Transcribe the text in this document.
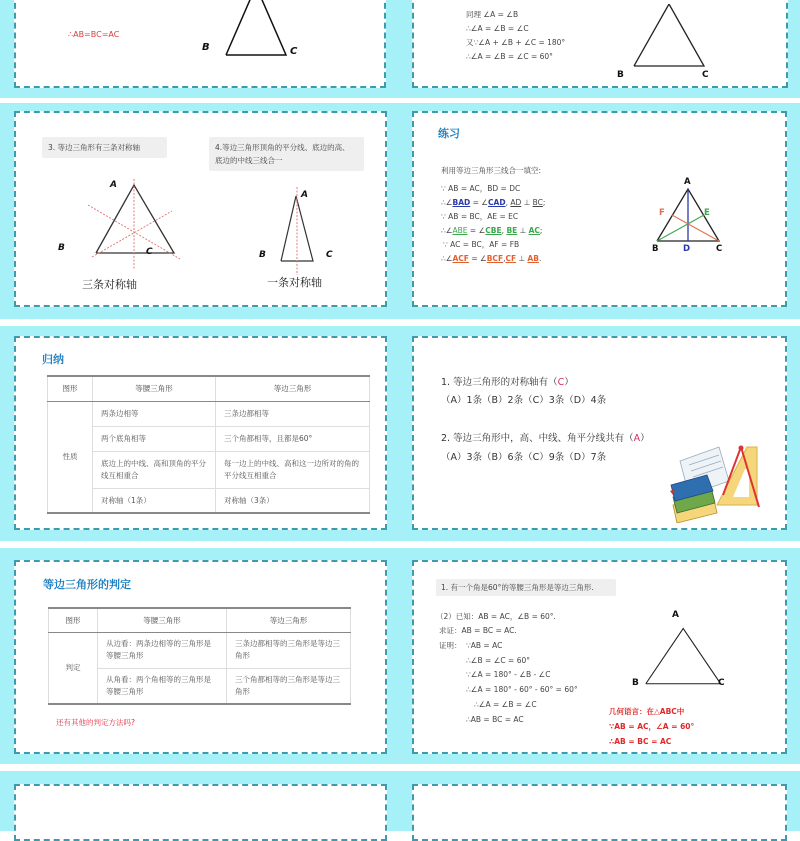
∴AB=BC=AC
B	C
同理 ∠A = ∠B
∴∠A = ∠B = ∠C
又∵∠A + ∠B + ∠C = 180°
∴∠A = ∠B = ∠C = 60°
B	C
3. 等边三角形有三条对称轴	4.等边三角形顶角的平分线、底边的高、
底边的中线三线合一
A
B	C
三条对称轴
A
B	C
一条对称轴
练习
利用等边三角形三线合一填空:
∵ AB = AC，BD = DC
∴∠BAD = ∠CAD, AD ⊥ BC;
∵ AB = BC，AE = EC
∴∠ABE = ∠CBE, BE ⊥ AC;
∵ AC = BC，AF = FB
∴∠ACF = ∠BCF,CF ⊥ AB.
A
B	C
D
E
F
归纳
图形	等腰三角形	等边三角形
性质	两条边相等	三条边都相等
	两个底角相等	三个角都相等，且都是60°
	底边上的中线、高和顶角的平分线互相重合	每一边上的中线、高和这一边所对的角的平分线互相重合
	对称轴（1条）	对称轴（3条）
1. 等边三角形的对称轴有（C）
（A）1条（B）2条（C）3条（D）4条
2. 等边三角形中，高、中线、角平分线共有（A）
（A）3条（B）6条（C）9条（D）7条
等边三角形的判定
图形	等腰三角形	等边三角形
判定	从边看：两条边相等的三角形是等腰三角形	三条边都相等的三角形是等边三角形
	从角看：两个角相等的三角形是等腰三角形	三个角都相等的三角形是等边三角形
还有其他的判定方法吗?
1. 有一个角是60°的等腰三角形是等边三角形.
（2）已知：AB = AC，∠B = 60°.
求证：AB = BC = AC.
证明： ∵AB = AC
∴∠B = ∠C = 60°
∵∠A = 180° - ∠B - ∠C
∴∠A = 180° - 60° - 60° = 60°
∴∠A = ∠B = ∠C
∴AB = BC = AC
A
B	C
几何语言：在△ABC中
∵AB = AC，∠A = 60°
∴AB = BC = AC
